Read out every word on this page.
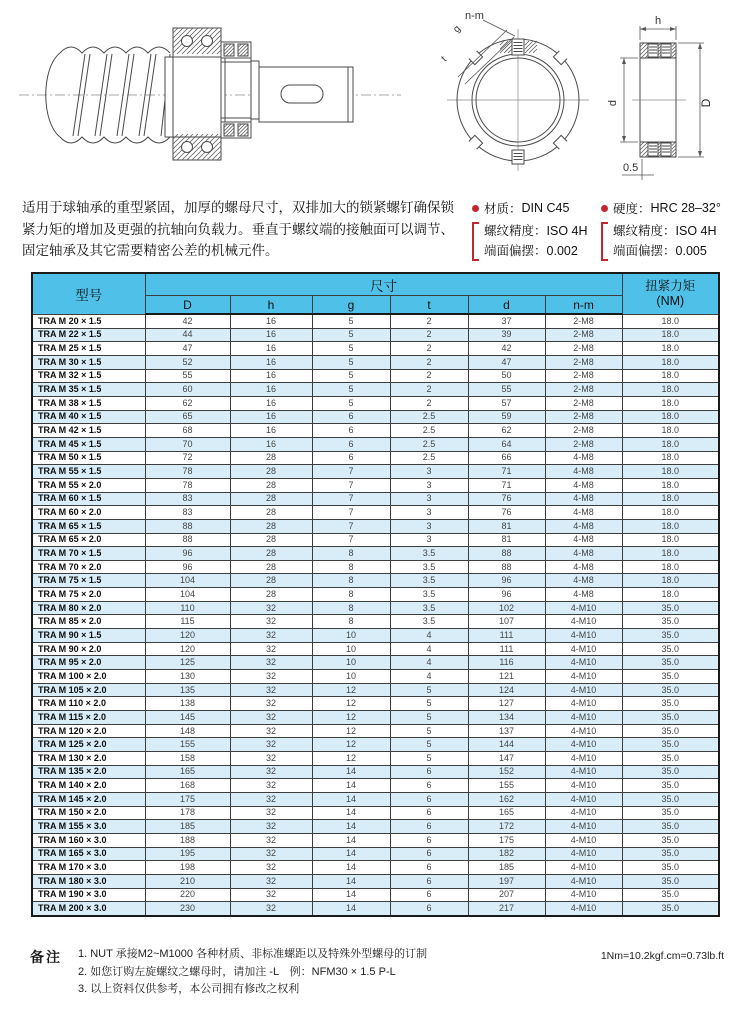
g
t
n-m	h
d	D
0.5
适用于球轴承的重型紧固，加厚的螺母尺寸，双排加大的锁紧螺钉确保锁紧力矩的增加及更强的抗轴向负载力。垂直于螺纹端的接触面可以调节、固定轴承及其它需要精密公差的机械元件。
材质： DIN C45
螺纹精度：ISO 4H
端面偏摆：0.002
硬度： HRC 28–32°
螺纹精度：ISO 4H
端面偏摆：0.005
型号	尺寸						扭紧力矩
(NM)

	D	h	g	t	d	n-m	
TRA M 20 × 1.5	42	16	5	2	37	2-M8	18.0
TRA M 22 × 1.5	44	16	5	2	39	2-M8	18.0
TRA M 25 × 1.5	47	16	5	2	42	2-M8	18.0
TRA M 30 × 1.5	52	16	5	2	47	2-M8	18.0
TRA M 32 × 1.5	55	16	5	2	50	2-M8	18.0
TRA M 35 × 1.5	60	16	5	2	55	2-M8	18.0
TRA M 38 × 1.5	62	16	5	2	57	2-M8	18.0
TRA M 40 × 1.5	65	16	6	2.5	59	2-M8	18.0
TRA M 42 × 1.5	68	16	6	2.5	62	2-M8	18.0
TRA M 45 × 1.5	70	16	6	2.5	64	2-M8	18.0
TRA M 50 × 1.5	72	28	6	2.5	66	4-M8	18.0
TRA M 55 × 1.5	78	28	7	3	71	4-M8	18.0
TRA M 55 × 2.0	78	28	7	3	71	4-M8	18.0
TRA M 60 × 1.5	83	28	7	3	76	4-M8	18.0
TRA M 60 × 2.0	83	28	7	3	76	4-M8	18.0
TRA M 65 × 1.5	88	28	7	3	81	4-M8	18.0
TRA M 65 × 2.0	88	28	7	3	81	4-M8	18.0
TRA M 70 × 1.5	96	28	8	3.5	88	4-M8	18.0
TRA M 70 × 2.0	96	28	8	3.5	88	4-M8	18.0
TRA M 75 × 1.5	104	28	8	3.5	96	4-M8	18.0
TRA M 75 × 2.0	104	28	8	3.5	96	4-M8	18.0
TRA M 80 × 2.0	110	32	8	3.5	102	4-M10	35.0
TRA M 85 × 2.0	115	32	8	3.5	107	4-M10	35.0
TRA M 90 × 1.5	120	32	10	4	111	4-M10	35.0
TRA M 90 × 2.0	120	32	10	4	111	4-M10	35.0
TRA M 95 × 2.0	125	32	10	4	116	4-M10	35.0
TRA M 100 × 2.0	130	32	10	4	121	4-M10	35.0
TRA M 105 × 2.0	135	32	12	5	124	4-M10	35.0
TRA M 110 × 2.0	138	32	12	5	127	4-M10	35.0
TRA M 115 × 2.0	145	32	12	5	134	4-M10	35.0
TRA M 120 × 2.0	148	32	12	5	137	4-M10	35.0
TRA M 125 × 2.0	155	32	12	5	144	4-M10	35.0
TRA M 130 × 2.0	158	32	12	5	147	4-M10	35.0
TRA M 135 × 2.0	165	32	14	6	152	4-M10	35.0
TRA M 140 × 2.0	168	32	14	6	155	4-M10	35.0
TRA M 145 × 2.0	175	32	14	6	162	4-M10	35.0
TRA M 150 × 2.0	178	32	14	6	165	4-M10	35.0
TRA M 155 × 3.0	185	32	14	6	172	4-M10	35.0
TRA M 160 × 3.0	188	32	14	6	175	4-M10	35.0
TRA M 165 × 3.0	195	32	14	6	182	4-M10	35.0
TRA M 170 × 3.0	198	32	14	6	185	4-M10	35.0
TRA M 180 × 3.0	210	32	14	6	197	4-M10	35.0
TRA M 190 × 3.0	220	32	14	6	207	4-M10	35.0
TRA M 200 × 3.0	230	32	14	6	217	4-M10	35.0
备注 1. NUT 承接M2~M1000 各种材质、非标准螺距以及特殊外型螺母的订制
2. 如您订购左旋螺纹之螺母时，请加注 -L　例：NFM30 × 1.5 P-L
3. 以上资料仅供参考，本公司拥有修改之权利
1Nm=10.2kgf.cm=0.73lb.ft
